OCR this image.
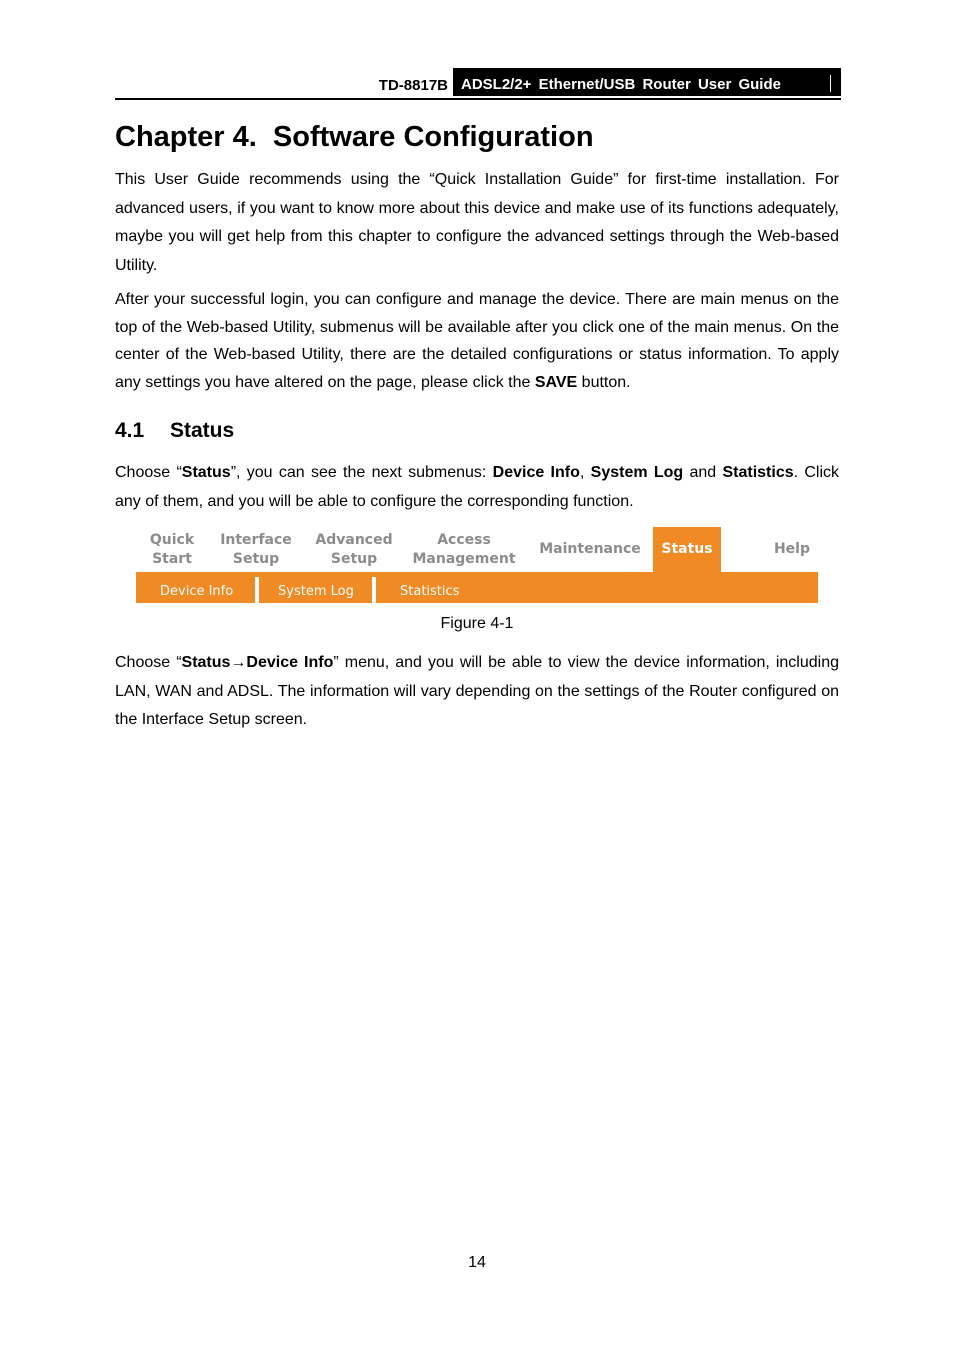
TD-8817B ADSL2/2+ Ethernet/USB Router User Guide
Chapter 4.  Software Configuration

This User Guide recommends using the “Quick Installation Guide” for first-time installation. For advanced users, if you want to know more about this device and make use of its functions adequately, maybe you will get help from this chapter to configure the advanced settings through the Web-based Utility.

After your successful login, you can configure and manage the device. There are main menus on the top of the Web-based Utility, submenus will be available after you click one of the main menus. On the center of the Web-based Utility, there are the detailed configurations or status information. To apply any settings you have altered on the page, please click the SAVE button.

4.1 Status

Choose “Status”, you can see the next submenus: Device Info, System Log and Statistics. Click any of them, and you will be able to configure the corresponding function.

Quick
Start
Interface
Setup
Advanced
Setup
Access
Management
Maintenance	Status	Help
Device Info	System Log	Statistics
Figure 4-1

Choose “Status→Device Info” menu, and you will be able to view the device information, including LAN, WAN and ADSL. The information will vary depending on the settings of the Router configured on the Interface Setup screen.

14
